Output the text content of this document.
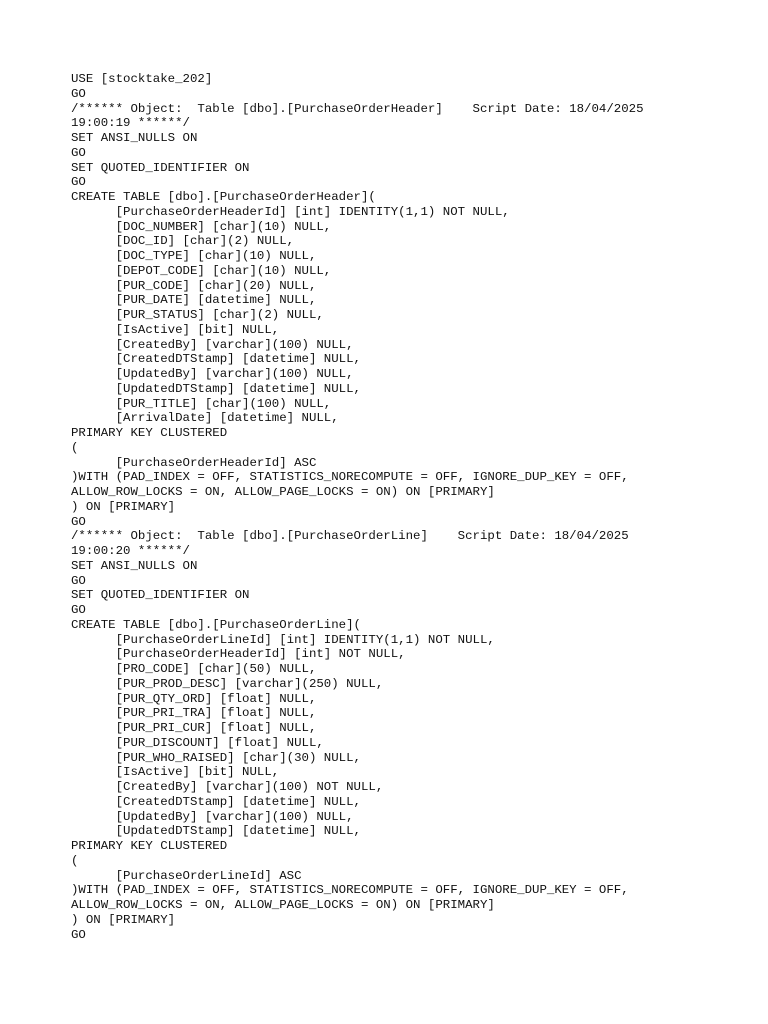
USE [stocktake_202]
GO
/****** Object:  Table [dbo].[PurchaseOrderHeader]    Script Date: 18/04/2025
19:00:19 ******/
SET ANSI_NULLS ON
GO
SET QUOTED_IDENTIFIER ON
GO
CREATE TABLE [dbo].[PurchaseOrderHeader](
[PurchaseOrderHeaderId] [int] IDENTITY(1,1) NOT NULL,
[DOC_NUMBER] [char](10) NULL,
[DOC_ID] [char](2) NULL,
[DOC_TYPE] [char](10) NULL,
[DEPOT_CODE] [char](10) NULL,
[PUR_CODE] [char](20) NULL,
[PUR_DATE] [datetime] NULL,
[PUR_STATUS] [char](2) NULL,
[IsActive] [bit] NULL,
[CreatedBy] [varchar](100) NULL,
[CreatedDTStamp] [datetime] NULL,
[UpdatedBy] [varchar](100) NULL,
[UpdatedDTStamp] [datetime] NULL,
[PUR_TITLE] [char](100) NULL,
[ArrivalDate] [datetime] NULL,
PRIMARY KEY CLUSTERED
(
[PurchaseOrderHeaderId] ASC
)WITH (PAD_INDEX = OFF, STATISTICS_NORECOMPUTE = OFF, IGNORE_DUP_KEY = OFF,
ALLOW_ROW_LOCKS = ON, ALLOW_PAGE_LOCKS = ON) ON [PRIMARY]
) ON [PRIMARY]
GO
/****** Object:  Table [dbo].[PurchaseOrderLine]    Script Date: 18/04/2025
19:00:20 ******/
SET ANSI_NULLS ON
GO
SET QUOTED_IDENTIFIER ON
GO
CREATE TABLE [dbo].[PurchaseOrderLine](
[PurchaseOrderLineId] [int] IDENTITY(1,1) NOT NULL,
[PurchaseOrderHeaderId] [int] NOT NULL,
[PRO_CODE] [char](50) NULL,
[PUR_PROD_DESC] [varchar](250) NULL,
[PUR_QTY_ORD] [float] NULL,
[PUR_PRI_TRA] [float] NULL,
[PUR_PRI_CUR] [float] NULL,
[PUR_DISCOUNT] [float] NULL,
[PUR_WHO_RAISED] [char](30) NULL,
[IsActive] [bit] NULL,
[CreatedBy] [varchar](100) NOT NULL,
[CreatedDTStamp] [datetime] NULL,
[UpdatedBy] [varchar](100) NULL,
[UpdatedDTStamp] [datetime] NULL,
PRIMARY KEY CLUSTERED
(
[PurchaseOrderLineId] ASC
)WITH (PAD_INDEX = OFF, STATISTICS_NORECOMPUTE = OFF, IGNORE_DUP_KEY = OFF,
ALLOW_ROW_LOCKS = ON, ALLOW_PAGE_LOCKS = ON) ON [PRIMARY]
) ON [PRIMARY]
GO
